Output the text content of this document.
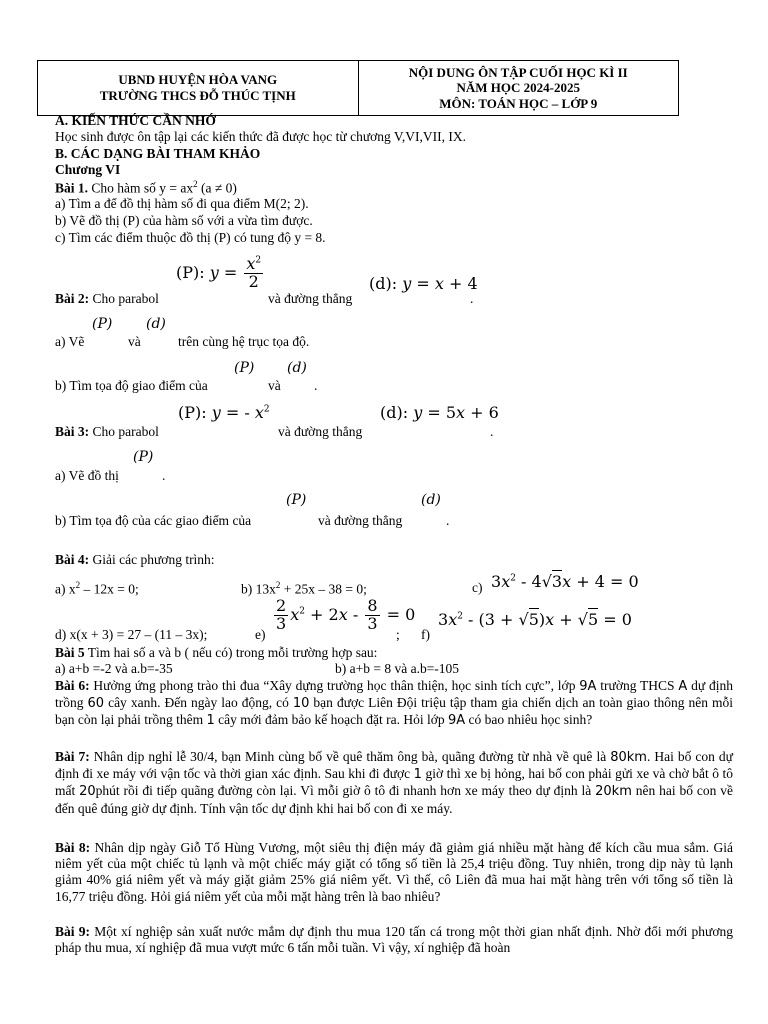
UBND HUYỆN HÒA VANG
TRƯỜNG THCS ĐỖ THÚC TỊNH
NỘI DUNG ÔN TẬP CUỐI HỌC KÌ II
NĂM HỌC 2024-2025
MÔN: TOÁN HỌC – LỚP 9
A. KIẾN THỨC CẦN NHỚ
Học sinh được ôn tập lại các kiến thức đã được học từ chương V,VI,VII, IX.
B. CÁC DẠNG BÀI THAM KHẢO
Chương VI
Bài 1. Cho hàm số $y = ax^2$ (a ≠ 0)
a) Tìm a để đồ thị hàm số đi qua điểm M(2; 2).
b) Vẽ đồ thị (P) của hàm số với a vừa tìm được.
c) Tìm các điểm thuộc đồ thị (P) có tung độ y = 8.
Bài 2: Cho parabol
(P): $y = \frac{x^2}{2}$
và đường thẳng
(d): y = x + 4
.
(P) (d)
a) Vẽ	và	trên cùng hệ trục tọa độ.
(P) (d)
b) Tìm tọa độ giao điểm của	và .
Bài 3: Cho parabol
(P): y = - $x^2$
và đường thẳng
(d): y = 5x + 6
.
(P)
a) Vẽ đồ thị	.
(P)	(d)
b) Tìm tọa độ của các giao điểm của	và đường thẳng	.
Bài 4: Giải các phương trình:
a) $x^2 - 12x = 0$;	b) $13x^2 + 25x - 38 = 0$;	c) $3x^2 - 4√3x + 4 = 0$
d) x(x + 3) = 27 – (11 – 3x);	e)
$\frac{2}{3} x^2 + 2x - \frac{8}{3} = 0$
; f)
$3x^2 - (3 + √5)x + √5 = 0$
Bài 5 Tìm hai số a và b ( nếu có) trong mỗi trường hợp sau:
a) a+b =-2 và a.b=-35	b) a+b = 8 và a.b=-105
Bài 6: Hưởng ứng phong trào thi đua “Xây dựng trường học thân thiện, học sinh tích cực”, lớp 9A trường THCS A dự định trồng 60 cây xanh. Đến ngày lao động, có 10 bạn được Liên Đội triệu tập tham gia chiến dịch an toàn giao thông nên mỗi bạn còn lại phải trồng thêm 1 cây mới đảm bảo kế hoạch đặt ra. Hỏi lớp 9A có bao nhiêu học sinh?
Bài 7: Nhân dịp nghỉ lễ 30/4, bạn Minh cùng bố về quê thăm ông bà, quãng đường từ nhà về quê là 80km. Hai bố con dự định đi xe máy với vận tốc và thời gian xác định. Sau khi đi được 1 giờ thì xe bị hỏng, hai bố con phải gửi xe và chờ bắt ô tô mất 20phút rồi đi tiếp quãng đường còn lại. Vì mỗi giờ ô tô đi nhanh hơn xe máy theo dự định là 20km nên hai bố con về đến quê đúng giờ dự định. Tính vận tốc dự định khi hai bố con đi xe máy.
Bài 8: Nhân dịp ngày Giỗ Tổ Hùng Vương, một siêu thị điện máy đã giảm giá nhiều mặt hàng để kích cầu mua sắm. Giá niêm yết của một chiếc tủ lạnh và một chiếc máy giặt có tổng số tiền là 25,4 triệu đồng. Tuy nhiên, trong dịp này tủ lạnh giảm 40% giá niêm yết và máy giặt giảm 25% giá niêm yết. Vì thế, cô Liên đã mua hai mặt hàng trên với tổng số tiền là 16,77 triệu đồng. Hỏi giá niêm yết của mỗi mặt hàng trên là bao nhiêu?
Bài 9: Một xí nghiệp sản xuất nước mắm dự định thu mua 120 tấn cá trong một thời gian nhất định. Nhờ đổi mới phương pháp thu mua, xí nghiệp đã mua vượt mức 6 tấn mỗi tuần. Vì vậy, xí nghiệp đã hoàn
